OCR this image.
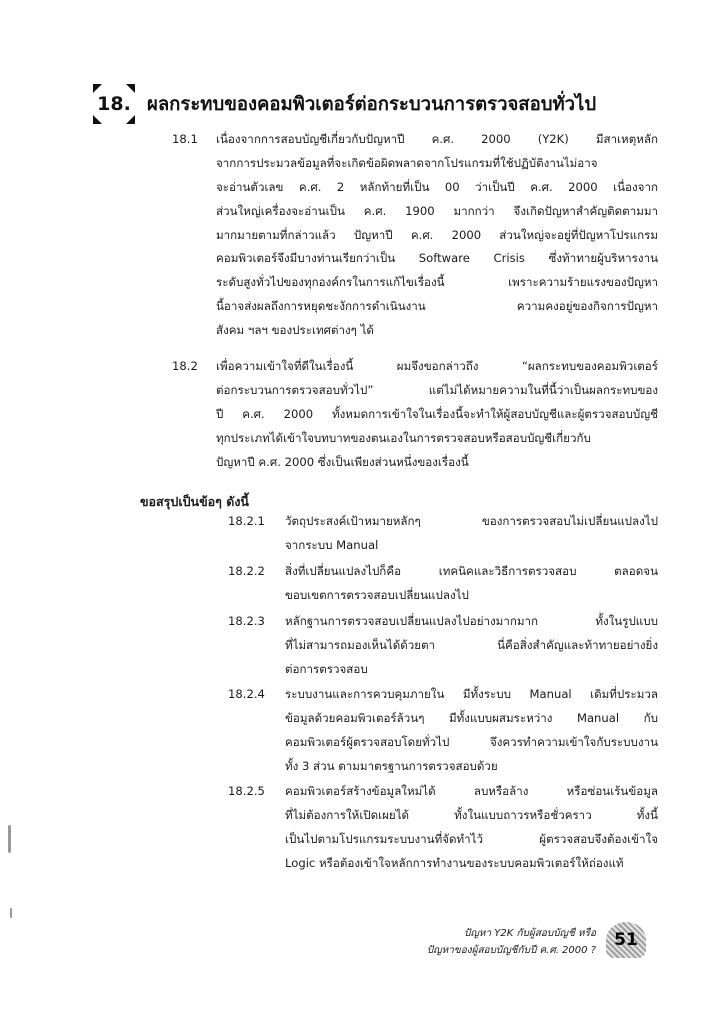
18. ผลกระทบของคอมพิวเตอร์ต่อกระบวนการตรวจสอบทั่วไป
18.1	เนื่องจากการสอบบัญชีเกี่ยวกับปัญหาปี ค.ศ. 2000 (Y2K) มีสาเหตุหลัก
จากการประมวลข้อมูลที่จะเกิดข้อผิดพลาดจากโปรแกรมที่ใช้ปฏิบัติงานไม่อาจ
จะอ่านตัวเลข ค.ศ. 2 หลักท้ายที่เป็น 00 ว่าเป็นปี ค.ศ. 2000 เนื่องจาก
ส่วนใหญ่เครื่องจะอ่านเป็น ค.ศ. 1900 มากกว่า จึงเกิดปัญหาสำคัญติดตามมา
มากมายตามที่กล่าวแล้ว ปัญหาปี ค.ศ. 2000 ส่วนใหญ่จะอยู่ที่ปัญหาโปรแกรม
คอมพิวเตอร์จึงมีบางท่านเรียกว่าเป็น Software Crisis ซึ่งท้าทายผู้บริหารงาน
ระดับสูงทั่วไปของทุกองค์กรในการแก้ไขเรื่องนี้ เพราะความร้ายแรงของปัญหา
นี้อาจส่งผลถึงการหยุดชะงักการดำเนินงาน ความคงอยู่ของกิจการปัญหา
สังคม ฯลฯ ของประเทศต่างๆ ได้
18.2	เพื่อความเข้าใจที่ดีในเรื่องนี้ ผมจึงขอกล่าวถึง “ผลกระทบของคอมพิวเตอร์
ต่อกระบวนการตรวจสอบทั่วไป” แต่ไม่ได้หมายความในที่นี้ว่าเป็นผลกระทบของ
ปี ค.ศ. 2000 ทั้งหมดการเข้าใจในเรื่องนี้จะทำให้ผู้สอบบัญชีและผู้ตรวจสอบบัญชี
ทุกประเภทได้เข้าใจบทบาทของตนเองในการตรวจสอบหรือสอบบัญชีเกี่ยวกับ
ปัญหาปี ค.ศ. 2000 ซึ่งเป็นเพียงส่วนหนึ่งของเรื่องนี้
ขอสรุปเป็นข้อๆ ดังนี้
18.2.1	วัตถุประสงค์เป้าหมายหลักๆ ของการตรวจสอบไม่เปลี่ยนแปลงไป
จากระบบ Manual
18.2.2	สิ่งที่เปลี่ยนแปลงไปก็คือ เทคนิคและวิธีการตรวจสอบ ตลอดจน
ขอบเขตการตรวจสอบเปลี่ยนแปลงไป
18.2.3	หลักฐานการตรวจสอบเปลี่ยนแปลงไปอย่างมากมาก ทั้งในรูปแบบ
ที่ไม่สามารถมองเห็นได้ด้วยตา นี่คือสิ่งสำคัญและท้าทายอย่างยิ่ง
ต่อการตรวจสอบ
18.2.4	ระบบงานและการควบคุมภายใน มีทั้งระบบ Manual เดิมที่ประมวล
ข้อมูลด้วยคอมพิวเตอร์ล้วนๆ มีทั้งแบบผสมระหว่าง Manual กับ
คอมพิวเตอร์ผู้ตรวจสอบโดยทั่วไป จึงควรทำความเข้าใจกับระบบงาน
ทั้ง 3 ส่วน ตามมาตรฐานการตรวจสอบด้วย
18.2.5	คอมพิวเตอร์สร้างข้อมูลใหม่ได้ ลบหรือล้าง หรือซ่อนเร้นข้อมูล
ที่ไม่ต้องการให้เปิดเผยได้ ทั้งในแบบถาวรหรือชั่วคราว ทั้งนี้
เป็นไปตามโปรแกรมระบบงานที่จัดทำไว้ ผู้ตรวจสอบจึงต้องเข้าใจ
Logic หรือต้องเข้าใจหลักการทำงานของระบบคอมพิวเตอร์ให้ถ่องแท้
ปัญหา Y2K กับผู้สอบบัญชี หรือ
ปัญหาของผู้สอบบัญชีกับปี ค.ศ. 2000 ?
51
